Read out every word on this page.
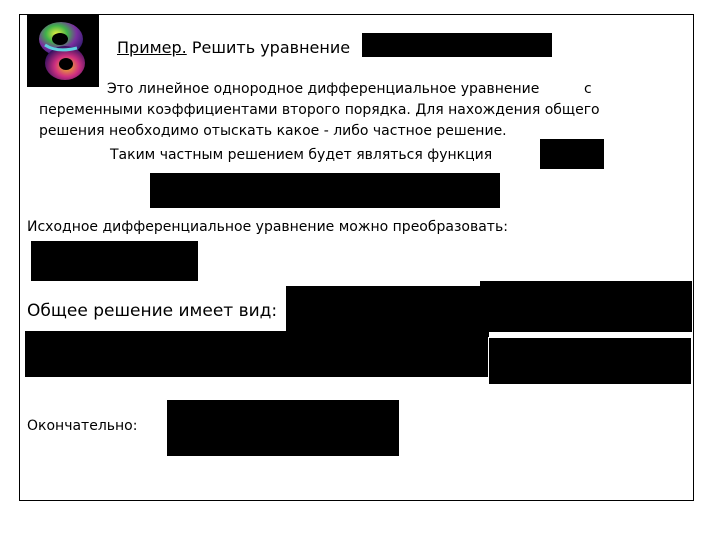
Пример. Решить уравнение
Это линейное однородное дифференциальное уравнение	с
переменными коэффициентами второго порядка. Для нахождения общего
решения необходимо отыскать какое - либо частное решение.
Таким частным решением будет являться функция
Исходное дифференциальное уравнение можно преобразовать:
Общее решение имеет вид:
Окончательно:
